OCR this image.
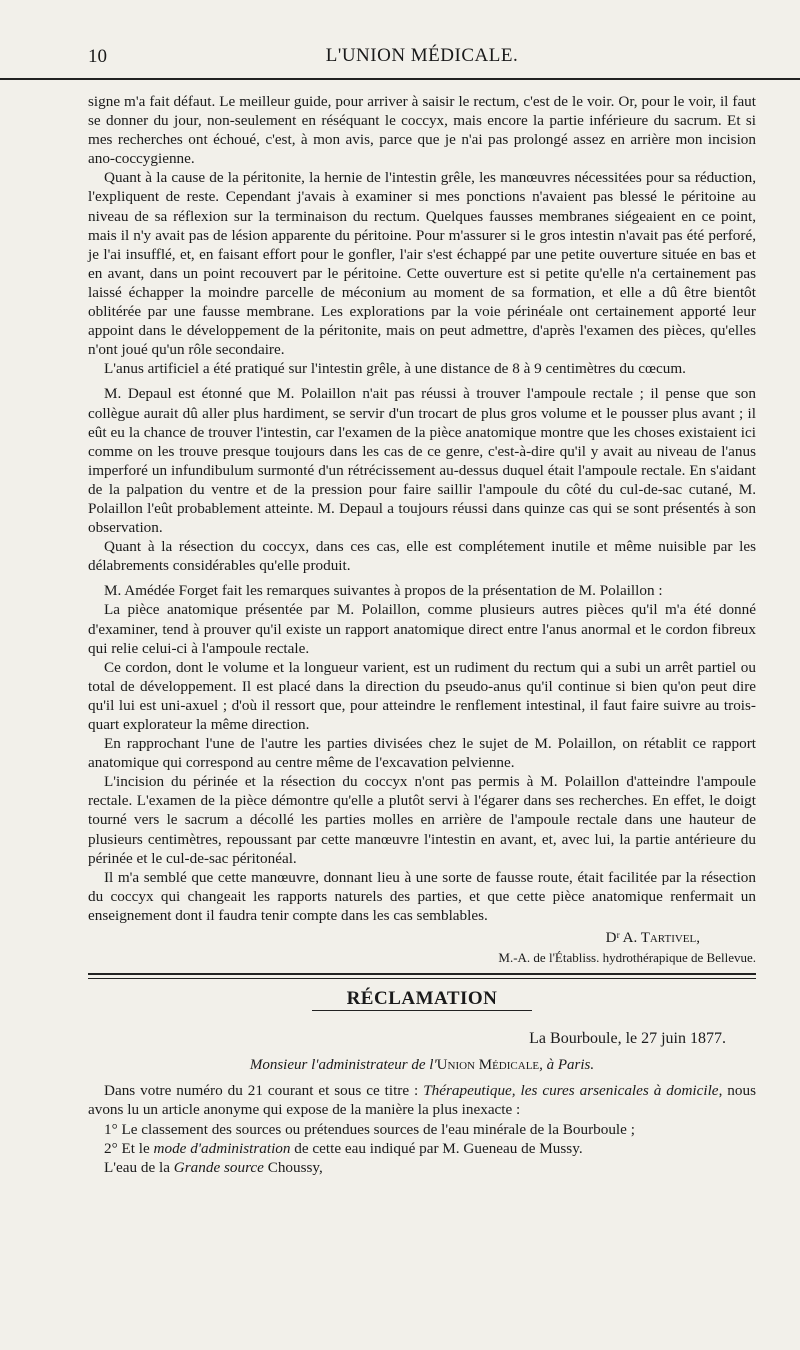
10	L'UNION MÉDICALE.

signe m'a fait défaut. Le meilleur guide, pour arriver à saisir le rectum, c'est de le voir. Or, pour le voir, il faut se donner du jour, non-seulement en réséquant le coccyx, mais encore la partie inférieure du sacrum. Et si mes recherches ont échoué, c'est, à mon avis, parce que je n'ai pas prolongé assez en arrière mon incision ano-coccygienne.

Quant à la cause de la péritonite, la hernie de l'intestin grêle, les manœuvres nécessitées pour sa réduction, l'expliquent de reste. Cependant j'avais à examiner si mes ponctions n'avaient pas blessé le péritoine au niveau de sa réflexion sur la terminaison du rectum. Quelques fausses membranes siégeaient en ce point, mais il n'y avait pas de lésion apparente du péritoine. Pour m'assurer si le gros intestin n'avait pas été perforé, je l'ai insufflé, et, en faisant effort pour le gonfler, l'air s'est échappé par une petite ouverture située en bas et en avant, dans un point recouvert par le péritoine. Cette ouverture est si petite qu'elle n'a certainement pas laissé échapper la moindre parcelle de méconium au moment de sa formation, et elle a dû être bientôt oblitérée par une fausse membrane. Les explorations par la voie périnéale ont certainement apporté leur appoint dans le développement de la péritonite, mais on peut admettre, d'après l'examen des pièces, qu'elles n'ont joué qu'un rôle secondaire.

L'anus artificiel a été pratiqué sur l'intestin grêle, à une distance de 8 à 9 centimètres du cœcum.

M. Depaul est étonné que M. Polaillon n'ait pas réussi à trouver l'ampoule rectale ; il pense que son collègue aurait dû aller plus hardiment, se servir d'un trocart de plus gros volume et le pousser plus avant ; il eût eu la chance de trouver l'intestin, car l'examen de la pièce anatomique montre que les choses existaient ici comme on les trouve presque toujours dans les cas de ce genre, c'est-à-dire qu'il y avait au niveau de l'anus imperforé un infundibulum surmonté d'un rétrécissement au-dessus duquel était l'ampoule rectale. En s'aidant de la palpation du ventre et de la pression pour faire saillir l'ampoule du côté du cul-de-sac cutané, M. Polaillon l'eût probablement atteinte. M. Depaul a toujours réussi dans quinze cas qui se sont présentés à son observation.

Quant à la résection du coccyx, dans ces cas, elle est complétement inutile et même nuisible par les délabrements considérables qu'elle produit.

M. Amédée Forget fait les remarques suivantes à propos de la présentation de M. Polaillon :

La pièce anatomique présentée par M. Polaillon, comme plusieurs autres pièces qu'il m'a été donné d'examiner, tend à prouver qu'il existe un rapport anatomique direct entre l'anus anormal et le cordon fibreux qui relie celui-ci à l'ampoule rectale.

Ce cordon, dont le volume et la longueur varient, est un rudiment du rectum qui a subi un arrêt partiel ou total de développement. Il est placé dans la direction du pseudo-anus qu'il continue si bien qu'on peut dire qu'il lui est uni-axuel ; d'où il ressort que, pour atteindre le renflement intestinal, il faut faire suivre au trois-quart explorateur la même direction.

En rapprochant l'une de l'autre les parties divisées chez le sujet de M. Polaillon, on rétablit ce rapport anatomique qui correspond au centre même de l'excavation pelvienne.

L'incision du périnée et la résection du coccyx n'ont pas permis à M. Polaillon d'atteindre l'ampoule rectale. L'examen de la pièce démontre qu'elle a plutôt servi à l'égarer dans ses recherches. En effet, le doigt tourné vers le sacrum a décollé les parties molles en arrière de l'ampoule rectale dans une hauteur de plusieurs centimètres, repoussant par cette manœuvre l'intestin en avant, et, avec lui, la partie antérieure du périnée et le cul-de-sac péritonéal.

Il m'a semblé que cette manœuvre, donnant lieu à une sorte de fausse route, était facilitée par la résection du coccyx qui changeait les rapports naturels des parties, et que cette pièce anatomique renfermait un enseignement dont il faudra tenir compte dans les cas semblables.

Dʳ A. Tartivel,
M.-A. de l'Établiss. hydrothérapique de Bellevue.
RÉCLAMATION
La Bourboule, le 27 juin 1877.
Monsieur l'administrateur de l'Union Médicale, à Paris.

Dans votre numéro du 21 courant et sous ce titre : Thérapeutique, les cures arsenicales à domicile, nous avons lu un article anonyme qui expose de la manière la plus inexacte :

1° Le classement des sources ou prétendues sources de l'eau minérale de la Bourboule ;

2° Et le mode d'administration de cette eau indiqué par M. Gueneau de Mussy.

L'eau de la Grande source Choussy,
